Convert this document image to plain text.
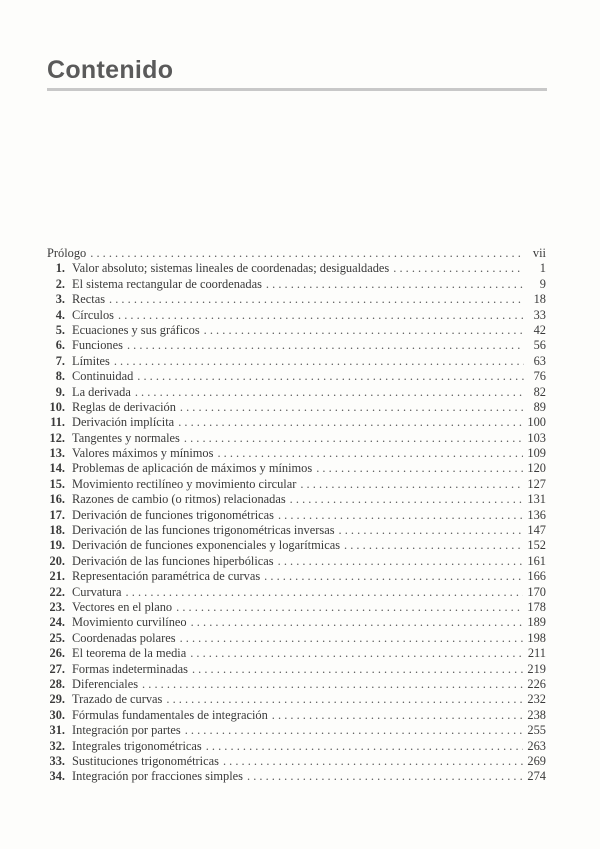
Contenido
Prólogo . . .	vii
1. Valor absoluto; sistemas lineales de coordenadas; desigualdades . . .	1
2. El sistema rectangular de coordenadas . . .	9
3. Rectas . . .	18
4. Círculos . . .	33
5. Ecuaciones y sus gráficos . . .	42
6. Funciones . . .	56
7. Límites . . .	63
8. Continuidad . . .	76
9. La derivada . . .	82
10. Reglas de derivación . . .	89
11. Derivación implícita . . .	100
12. Tangentes y normales . . .	103
13. Valores máximos y mínimos . . .	109
14. Problemas de aplicación de máximos y mínimos . . .	120
15. Movimiento rectilíneo y movimiento circular . . .	127
16. Razones de cambio (o ritmos) relacionadas . . .	131
17. Derivación de funciones trigonométricas . . .	136
18. Derivación de las funciones trigonométricas inversas . . .	147
19. Derivación de funciones exponenciales y logarítmicas . . .	152
20. Derivación de las funciones hiperbólicas . . .	161
21. Representación paramétrica de curvas . . .	166
22. Curvatura . . .	170
23. Vectores en el plano . . .	178
24. Movimiento curvilíneo . . .	189
25. Coordenadas polares . . .	198
26. El teorema de la media . . .	211
27. Formas indeterminadas . . .	219
28. Diferenciales . . .	226
29. Trazado de curvas . . .	232
30. Fórmulas fundamentales de integración . . .	238
31. Integración por partes . . .	255
32. Integrales trigonométricas . . .	263
33. Sustituciones trigonométricas . . .	269
34. Integración por fracciones simples . . .	274
